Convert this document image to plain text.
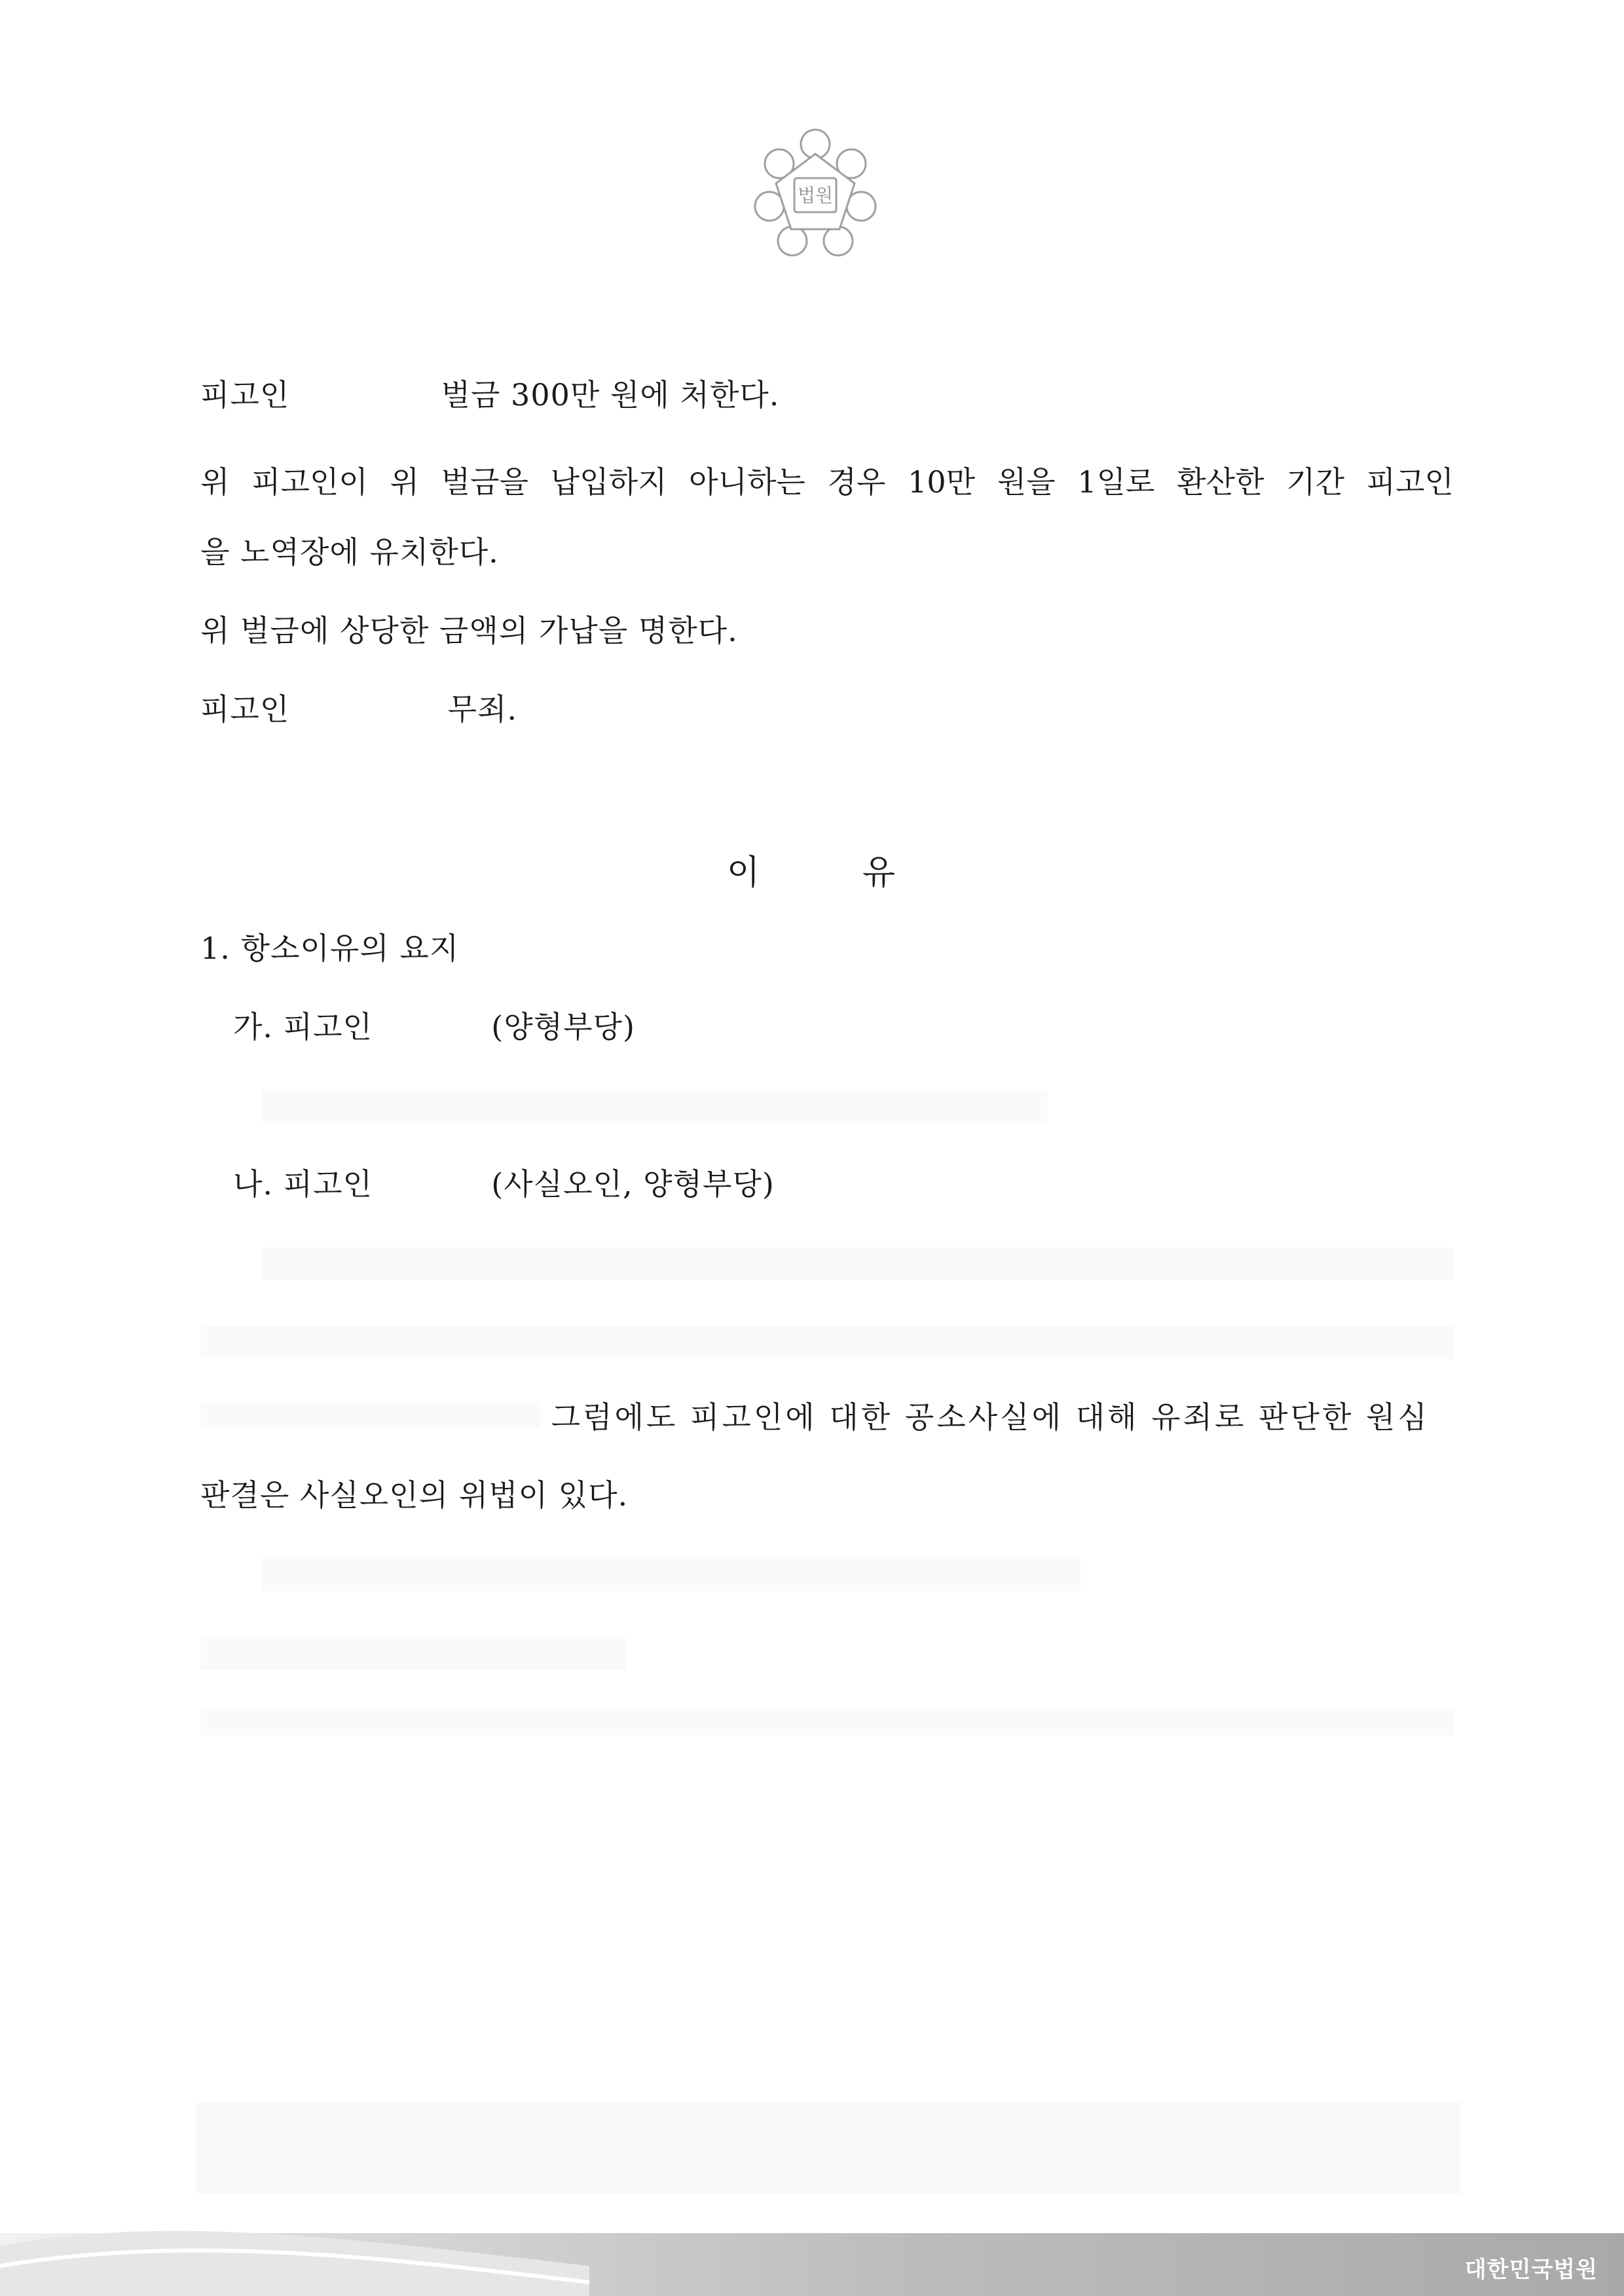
법원
피고인	벌금 300만 원에 처한다.
위 피고인이 위 벌금을 납입하지 아니하는 경우 10만 원을 1일로 환산한 기간 피고인
을 노역장에 유치한다.
위 벌금에 상당한 금액의 가납을 명한다.
피고인	무죄.
이 유
1. 항소이유의 요지
가. 피고인	(양형부당)
나. 피고인	(사실오인, 양형부당)
그럼에도 피고인에 대한 공소사실에 대해 유죄로 판단한 원심
판결은 사실오인의 위법이 있다.
대한민국법원
